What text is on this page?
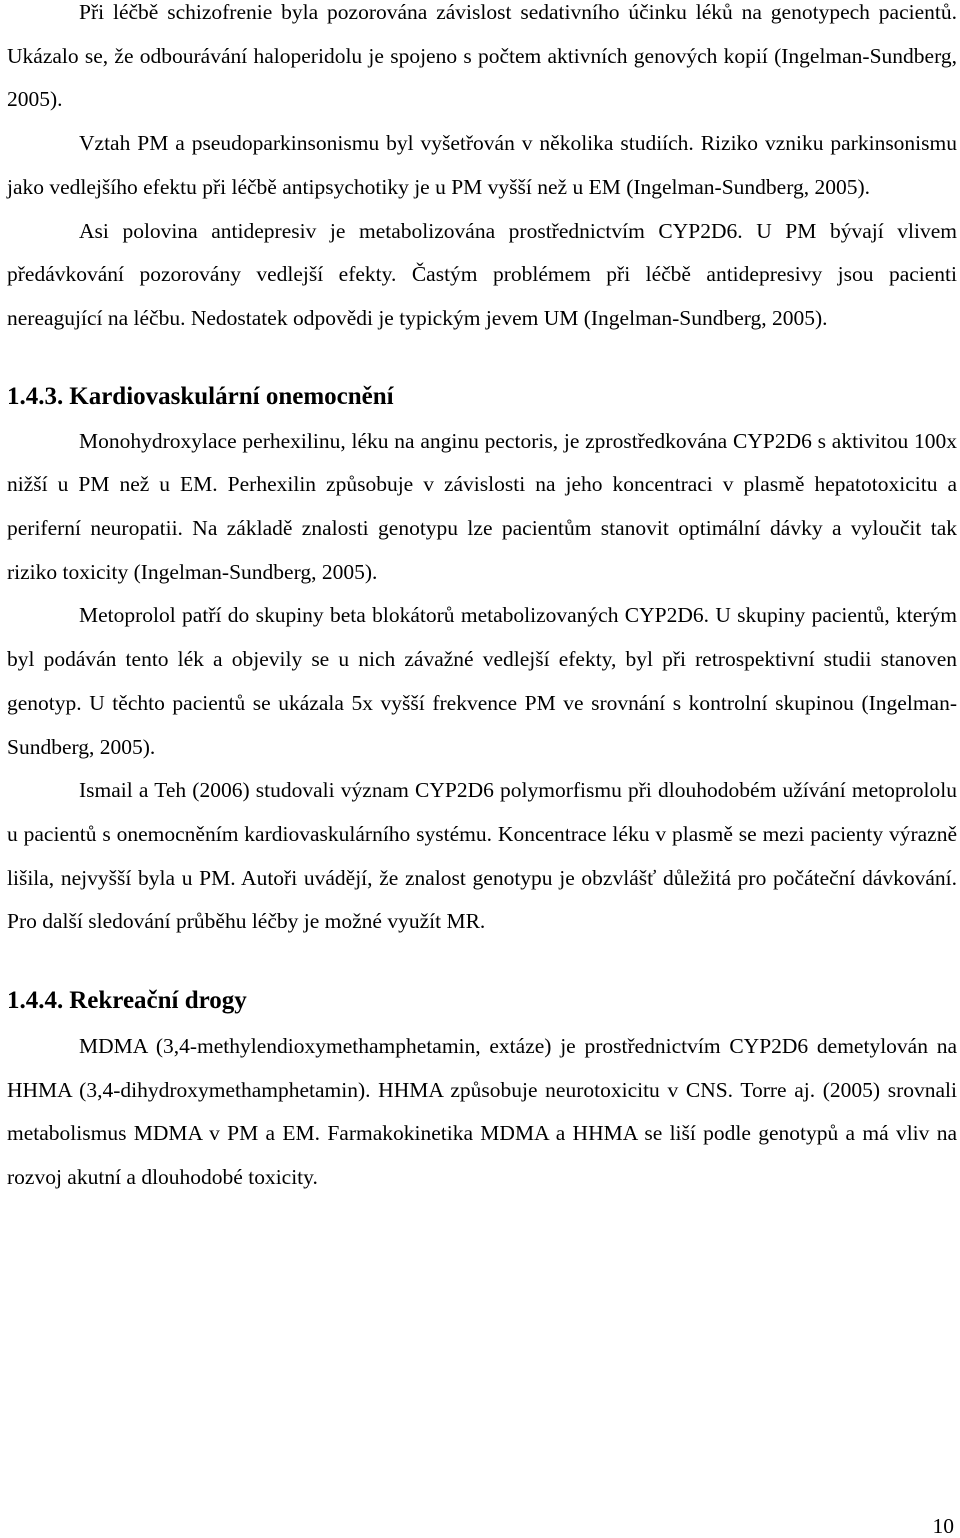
Při léčbě schizofrenie byla pozorována závislost sedativního účinku léků na genotypech pacientů. Ukázalo se, že odbourávání haloperidolu je spojeno s počtem aktivních genových kopií (Ingelman-Sundberg, 2005).

Vztah PM a pseudoparkinsonismu byl vyšetřován v několika studiích. Riziko vzniku parkinsonismu jako vedlejšího efektu při léčbě antipsychotiky je u PM vyšší než u EM (Ingelman-Sundberg, 2005).

Asi polovina antidepresiv je metabolizována prostřednictvím CYP2D6. U PM bývají vlivem předávkování pozorovány vedlejší efekty. Častým problémem při léčbě antidepresivy jsou pacienti nereagující na léčbu. Nedostatek odpovědi je typickým jevem UM (Ingelman-Sundberg, 2005).

1.4.3. Kardiovaskulární onemocnění

Monohydroxylace perhexilinu, léku na anginu pectoris, je zprostředkována CYP2D6 s aktivitou 100x nižší u PM než u EM. Perhexilin způsobuje v závislosti na jeho koncentraci v plasmě hepatotoxicitu a periferní neuropatii. Na základě znalosti genotypu lze pacientům stanovit optimální dávky a vyloučit tak riziko toxicity (Ingelman-Sundberg, 2005).

Metoprolol patří do skupiny beta blokátorů metabolizovaných CYP2D6. U skupiny pacientů, kterým byl podáván tento lék a objevily se u nich závažné vedlejší efekty, byl při retrospektivní studii stanoven genotyp. U těchto pacientů se ukázala 5x vyšší frekvence PM ve srovnání s kontrolní skupinou (Ingelman-Sundberg, 2005).

Ismail a Teh (2006) studovali význam CYP2D6 polymorfismu při dlouhodobém užívání metoprololu u pacientů s onemocněním kardiovaskulárního systému. Koncentrace léku v plasmě se mezi pacienty výrazně lišila, nejvyšší byla u PM. Autoři uvádějí, že znalost genotypu je obzvlášť důležitá pro počáteční dávkování. Pro další sledování průběhu léčby je možné využít MR.

1.4.4. Rekreační drogy

MDMA (3,4-methylendioxymethamphetamin, extáze) je prostřednictvím CYP2D6 demetylován na HHMA (3,4-dihydroxymethamphetamin). HHMA způsobuje neurotoxicitu v CNS. Torre aj. (2005) srovnali metabolismus MDMA v PM a EM. Farmakokinetika MDMA a HHMA se liší podle genotypů a má vliv na rozvoj akutní a dlouhodobé toxicity.

10
